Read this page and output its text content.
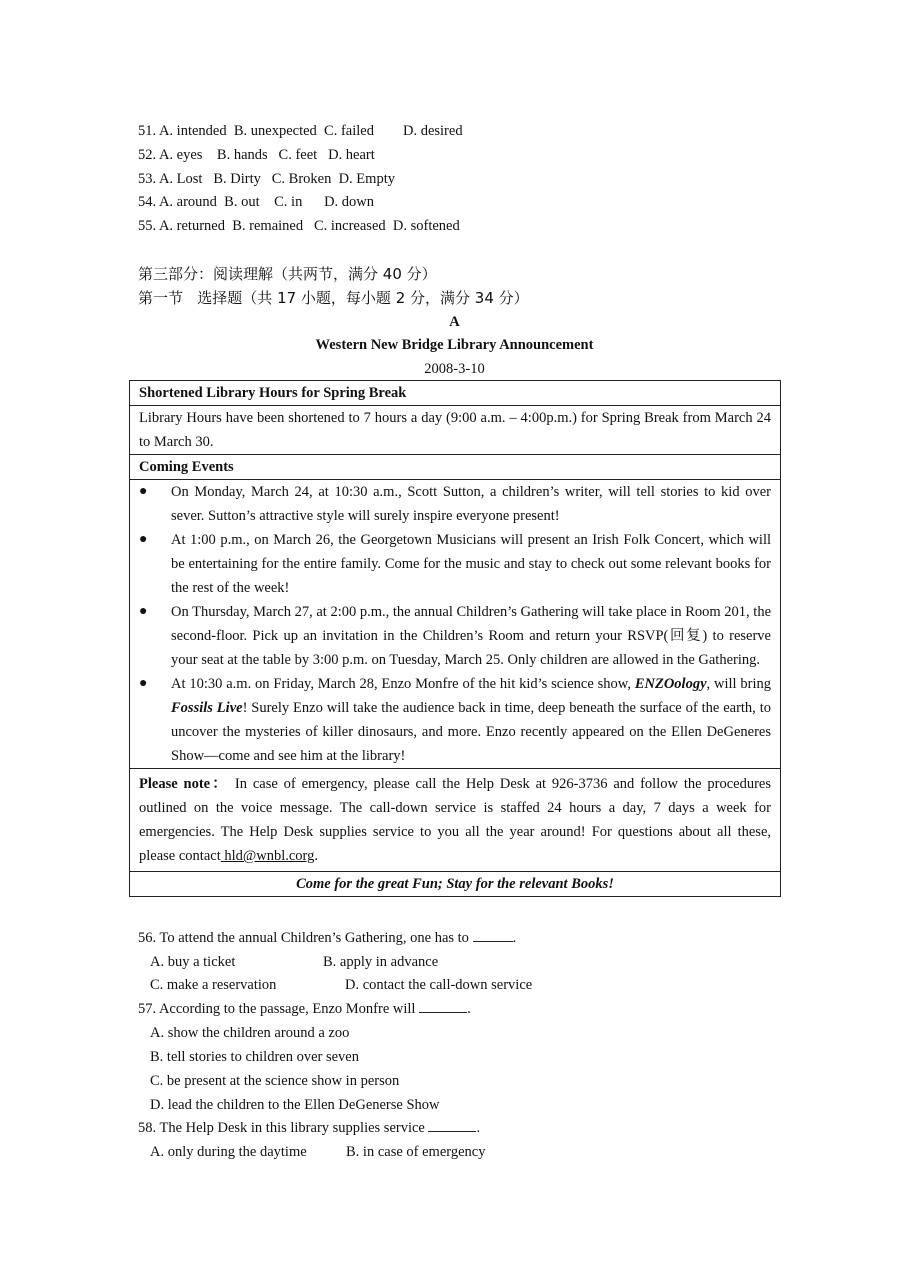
51. A. intended  B. unexpected  C. failed        D. desired
52. A. eyes    B. hands   C. feet   D. heart
53. A. Lost   B. Dirty   C. Broken  D. Empty
54. A. around  B. out    C. in      D. down
55. A. returned  B. remained   C. increased  D. softened
第三部分：阅读理解（共两节，满分 40 分）
第一节   选择题（共 17 小题，每小题 2 分，满分 34 分）
A
Western New Bridge Library Announcement
2008-3-10
Shortened Library Hours for Spring Break
Library Hours have been shortened to 7 hours a day (9:00 a.m. – 4:00p.m.) for Spring Break from March 24 to March 30.
Coming Events

●	On Monday, March 24, at 10:30 a.m., Scott Sutton, a children’s writer, will tell stories to kid over sever. Sutton’s attractive style will surely inspire everyone present!
●	At 1:00 p.m., on March 26, the Georgetown Musicians will present an Irish Folk Concert, which will be entertaining for the entire family. Come for the music and stay to check out some relevant books for the rest of the week!
●	On Thursday, March 27, at 2:00 p.m., the annual Children’s Gathering will take place in Room 201, the second-floor. Pick up an invitation in the Children’s Room and return your RSVP(回复) to reserve your seat at the table by 3:00 p.m. on Tuesday, March 25. Only children are allowed in the Gathering.
●	At 10:30 a.m. on Friday, March 28, Enzo Monfre of the hit kid’s science show, ENZOology, will bring Fossils Live! Surely Enzo will take the audience back in time, deep beneath the surface of the earth, to uncover the mysteries of killer dinosaurs, and more. Enzo recently appeared on the Ellen DeGeneres Show—come and see him at the library!

Please note： In case of emergency, please call the Help Desk at 926-3736 and follow the procedures outlined on the voice message. The call-down service is staffed 24 hours a day, 7 days a week for emergencies. The Help Desk supplies service to you all the year around! For questions about all these, please contact hld@wnbl.corg.
Come for the great Fun; Stay for the relevant Books!
56. To attend the annual Children’s Gathering, one has to	.
A. buy a ticket	B. apply in advance
C. make a reservation	D. contact the call-down service
57. According to the passage, Enzo Monfre will	.
A. show the children around a zoo
B. tell stories to children over seven
C. be present at the science show in person
D. lead the children to the Ellen DeGenerse Show
58. The Help Desk in this library supplies service	.
A. only during the daytime	B. in case of emergency
